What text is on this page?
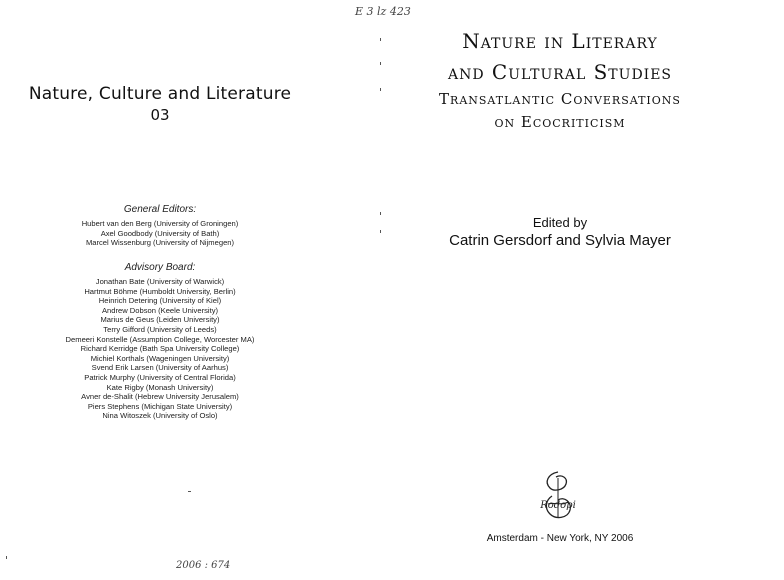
Nature, Culture and Literature
03
General Editors:
Hubert van den Berg (University of Groningen)
Axel Goodbody (University of Bath)
Marcel Wissenburg (University of Nijmegen)
Advisory Board:
Jonathan Bate (University of Warwick)
Hartmut Böhme (Humboldt University, Berlin)
Heinrich Detering (University of Kiel)
Andrew Dobson (Keele University)
Marius de Geus (Leiden University)
Terry Gifford (University of Leeds)
Demeeri Konstelle (Assumption College, Worcester MA)
Richard Kerridge (Bath Spa University College)
Michiel Korthals (Wageningen University)
Svend Erik Larsen (University of Aarhus)
Patrick Murphy (University of Central Florida)
Kate Rigby (Monash University)
Avner de-Shalit (Hebrew University Jerusalem)
Piers Stephens (Michigan State University)
Nina Witoszek (University of Oslo)
Nature in Literary
and Cultural Studies
Transatlantic Conversations
on Ecocriticism
Edited by
Catrin Gersdorf and Sylvia Mayer
Rodopi
Amsterdam - New York, NY 2006
E 3 lz 423
2006 : 674
